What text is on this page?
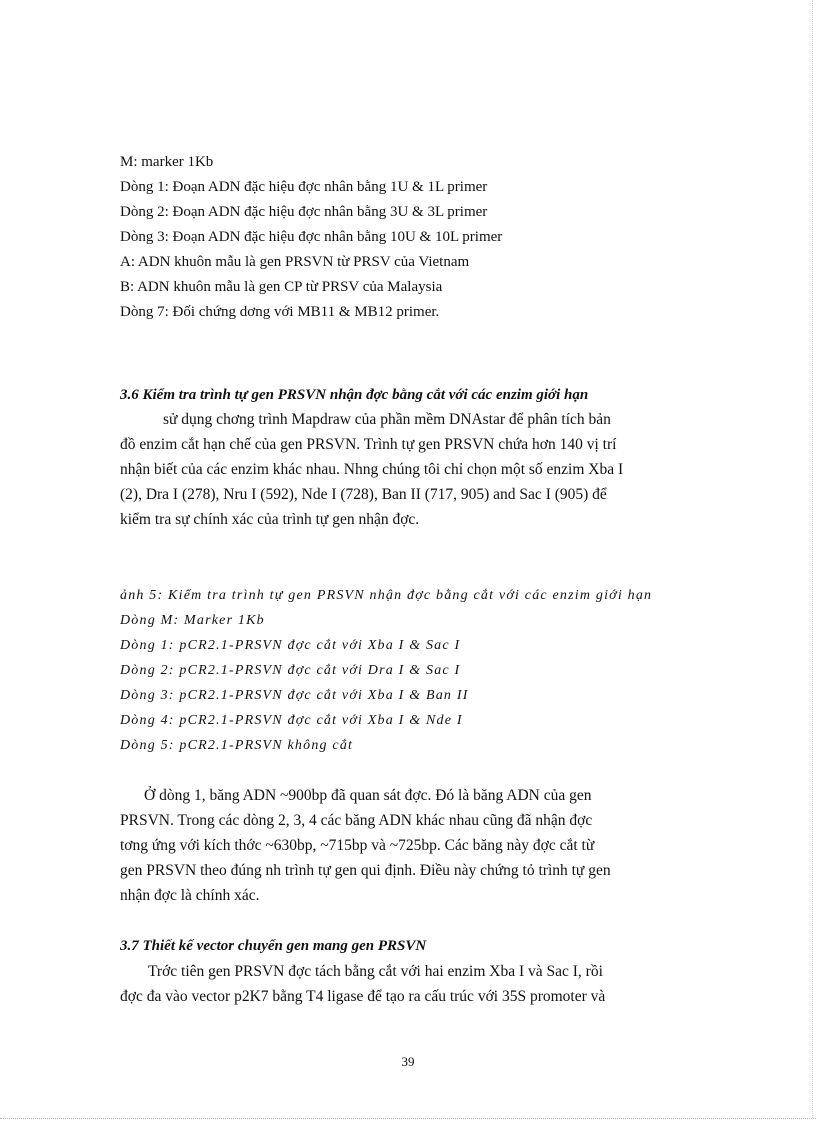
M: marker 1Kb
Dòng 1: Đoạn ADN đặc hiệu đợc nhân bằng 1U & 1L primer
Dòng 2: Đoạn ADN đặc hiệu đợc nhân bằng 3U & 3L primer
Dòng 3: Đoạn ADN đặc hiệu đợc nhân bằng 10U & 10L primer
A: ADN khuôn mẫu là gen PRSVN từ PRSV của Vietnam
B: ADN khuôn mẫu là gen CP từ PRSV của Malaysia
Dòng 7: Đối chứng dơng với MB11 & MB12 primer.
3.6 Kiểm tra trình tự gen PRSVN nhận đợc bằng cắt với các enzim giới hạn
sử dụng chơng trình Mapdraw của phần mềm DNAstar để phân tích bản
đồ enzim cắt hạn chế của gen PRSVN. Trình tự gen PRSVN chứa hơn 140 vị trí
nhận biết của các enzim khác nhau. Nhng chúng tôi chỉ chọn một số enzim Xba I
(2), Dra I (278), Nru I (592), Nde I (728), Ban II (717, 905) and Sac I (905) để
kiểm tra sự chính xác của trình tự gen nhận đợc.
ảnh 5: Kiểm tra trình tự gen PRSVN nhận đợc bằng cắt với các enzim giới hạn
Dòng M: Marker 1Kb
Dòng 1: pCR2.1-PRSVN đợc cắt với Xba I & Sac I
Dòng 2: pCR2.1-PRSVN đợc cắt với Dra I & Sac I
Dòng 3: pCR2.1-PRSVN đợc cắt với Xba I & Ban II
Dòng 4: pCR2.1-PRSVN đợc cắt với Xba I & Nde I
Dòng 5: pCR2.1-PRSVN không cắt
Ở dòng 1, băng ADN ~900bp đã quan sát đợc. Đó là băng ADN của gen
PRSVN. Trong các dòng 2, 3, 4 các băng ADN khác nhau cũng đã nhận đợc
tơng ứng với kích thớc ~630bp, ~715bp và ~725bp. Các băng này đợc cắt từ
gen PRSVN theo đúng nh trình tự gen qui định. Điều này chứng tỏ trình tự gen
nhận đợc là chính xác.
3.7 Thiết kế vector chuyển gen mang gen PRSVN
Trớc tiên gen PRSVN đợc tách bằng cắt với hai enzim Xba I và Sac I, rồi
đợc đa vào vector p2K7 bằng T4 ligase để tạo ra cấu trúc với 35S promoter và
39
